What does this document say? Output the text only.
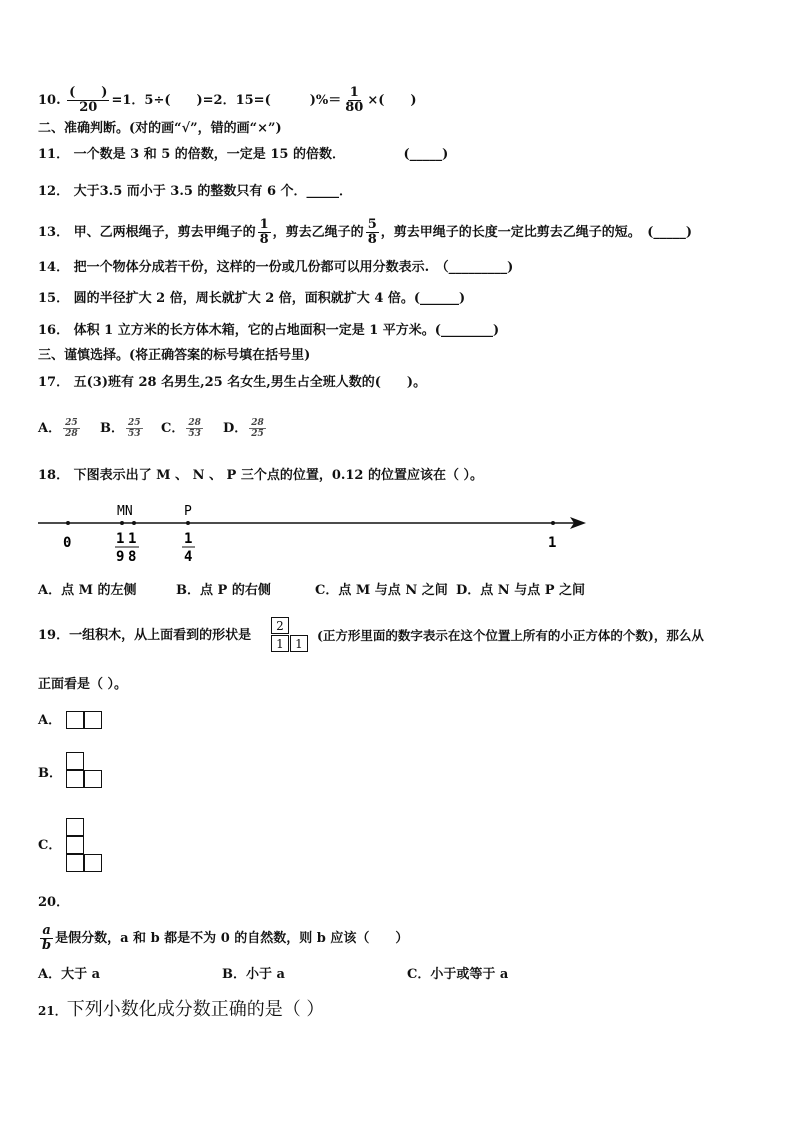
10. $\frac{( )}{20} =1$．5÷(　　)=2．15=(　　　)%＝ $\frac{1}{80}$ ×(　　)
二、准确判断。(对的画“√”，错的画“×”)
11． 一个数是 3 和 5 的倍数，一定是 15 的倍数．　　　　　(_____)
12． 大于3.5 而小于 3.5 的整数只有 6 个．_____．
13． 甲、乙两根绳子，剪去甲绳子的 $\frac{1}{8}$ ，剪去乙绳子的 $\frac{5}{8}$ ，剪去甲绳子的长度一定比剪去乙绳子的短。　(_____)
14． 把一个物体分成若干份，这样的一份或几份都可以用分数表示.　（_________)
15． 圆的半径扩大 2 倍，周长就扩大 2 倍，面积就扩大 4 倍。(______)
16． 体积 1 立方米的长方体木箱，它的占地面积一定是 1 平方米。(________)
三、谨慎选择。(将正确答案的标号填在括号里)
17． 五(3)班有 28 名男生,25 名女生,男生占全班人数的(　　)。
A． $\frac{25}{28}$ B． $\frac{25}{53}$ C． $\frac{28}{53}$ D． $\frac{28}{25}$
18． 下图表示出了 M 、 N 、 P 三个点的位置，0.12 的位置应该在（ ）。
MN	P
0	1
1
9
1
8
1
4
A．点 M 的左侧	B．点 P 的右侧	C．点 M 与点 N 之间 D．点 N 与点 P 之间
19．一组积木，从上面看到的形状是
2
1 1
(正方形里面的数字表示在这个位置上所有的小正方体的个数)，那么从
正面看是（ ）。
A．
B．
C．
20．
$\frac{a}{b}$ 是假分数，a 和 b 都是不为 0 的自然数，则 b 应该（　　）
A．大于 a	B．小于 a	C．小于或等于 a
21．下列小数化成分数正确的是（ ）
